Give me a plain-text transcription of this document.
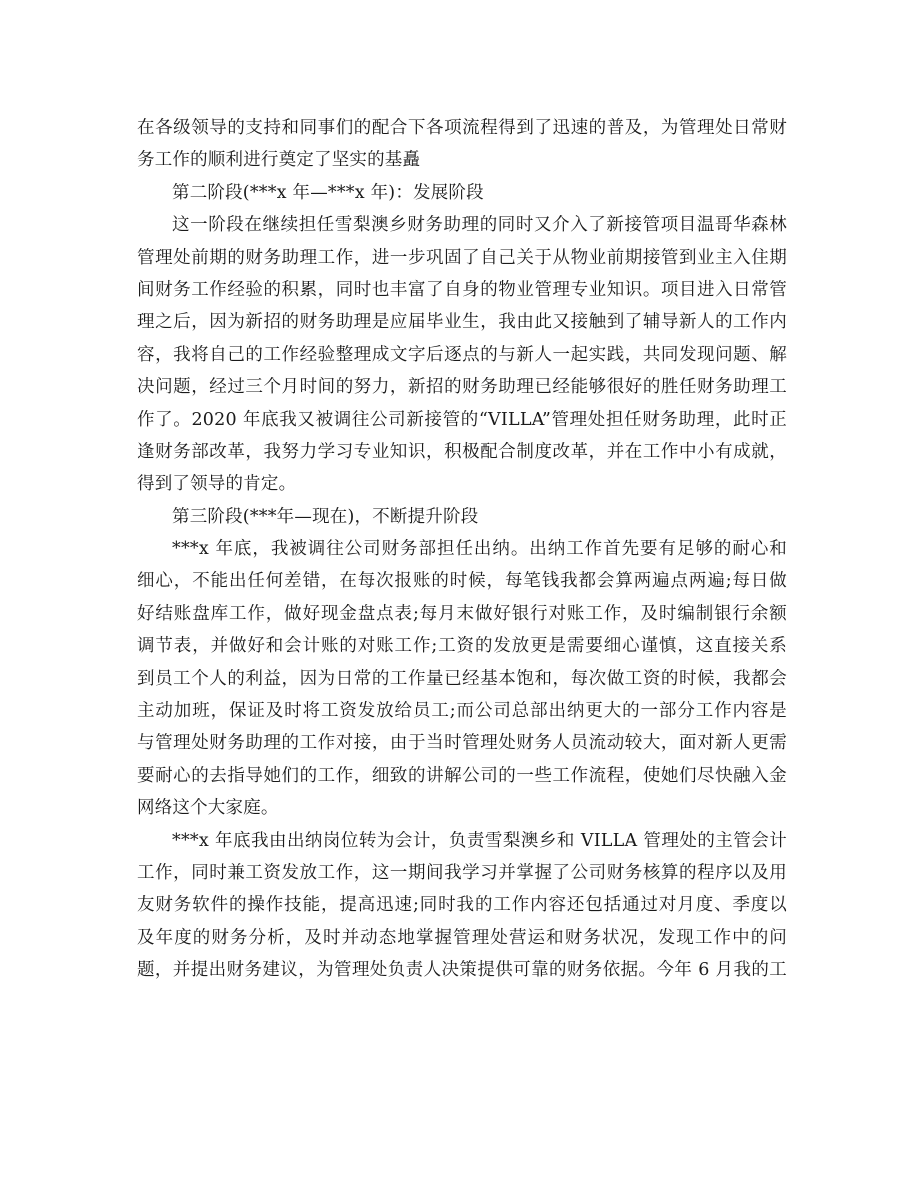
在各级领导的支持和同事们的配合下各项流程得到了迅速的普及，为管理处日常财
务工作的顺利进行奠定了坚实的基矗
第二阶段(***x 年—***x 年)：发展阶段
这一阶段在继续担任雪梨澳乡财务助理的同时又介入了新接管项目温哥华森林
管理处前期的财务助理工作，进一步巩固了自己关于从物业前期接管到业主入住期
间财务工作经验的积累，同时也丰富了自身的物业管理专业知识。项目进入日常管
理之后，因为新招的财务助理是应届毕业生，我由此又接触到了辅导新人的工作内
容，我将自己的工作经验整理成文字后逐点的与新人一起实践，共同发现问题、解
决问题，经过三个月时间的努力，新招的财务助理已经能够很好的胜任财务助理工
作了。2020 年底我又被调往公司新接管的“VILLA”管理处担任财务助理，此时正
逢财务部改革，我努力学习专业知识，积极配合制度改革，并在工作中小有成就，
得到了领导的肯定。
第三阶段(***年—现在)，不断提升阶段
***x 年底，我被调往公司财务部担任出纳。出纳工作首先要有足够的耐心和
细心，不能出任何差错，在每次报账的时候，每笔钱我都会算两遍点两遍;每日做
好结账盘库工作，做好现金盘点表;每月末做好银行对账工作，及时编制银行余额
调节表，并做好和会计账的对账工作;工资的发放更是需要细心谨慎，这直接关系
到员工个人的利益，因为日常的工作量已经基本饱和，每次做工资的时候，我都会
主动加班，保证及时将工资发放给员工;而公司总部出纳更大的一部分工作内容是
与管理处财务助理的工作对接，由于当时管理处财务人员流动较大，面对新人更需
要耐心的去指导她们的工作，细致的讲解公司的一些工作流程，使她们尽快融入金
网络这个大家庭。
***x 年底我由出纳岗位转为会计，负责雪梨澳乡和 VILLA 管理处的主管会计
工作，同时兼工资发放工作，这一期间我学习并掌握了公司财务核算的程序以及用
友财务软件的操作技能，提高迅速;同时我的工作内容还包括通过对月度、季度以
及年度的财务分析，及时并动态地掌握管理处营运和财务状况，发现工作中的问
题，并提出财务建议，为管理处负责人决策提供可靠的财务依据。今年 6 月我的工
